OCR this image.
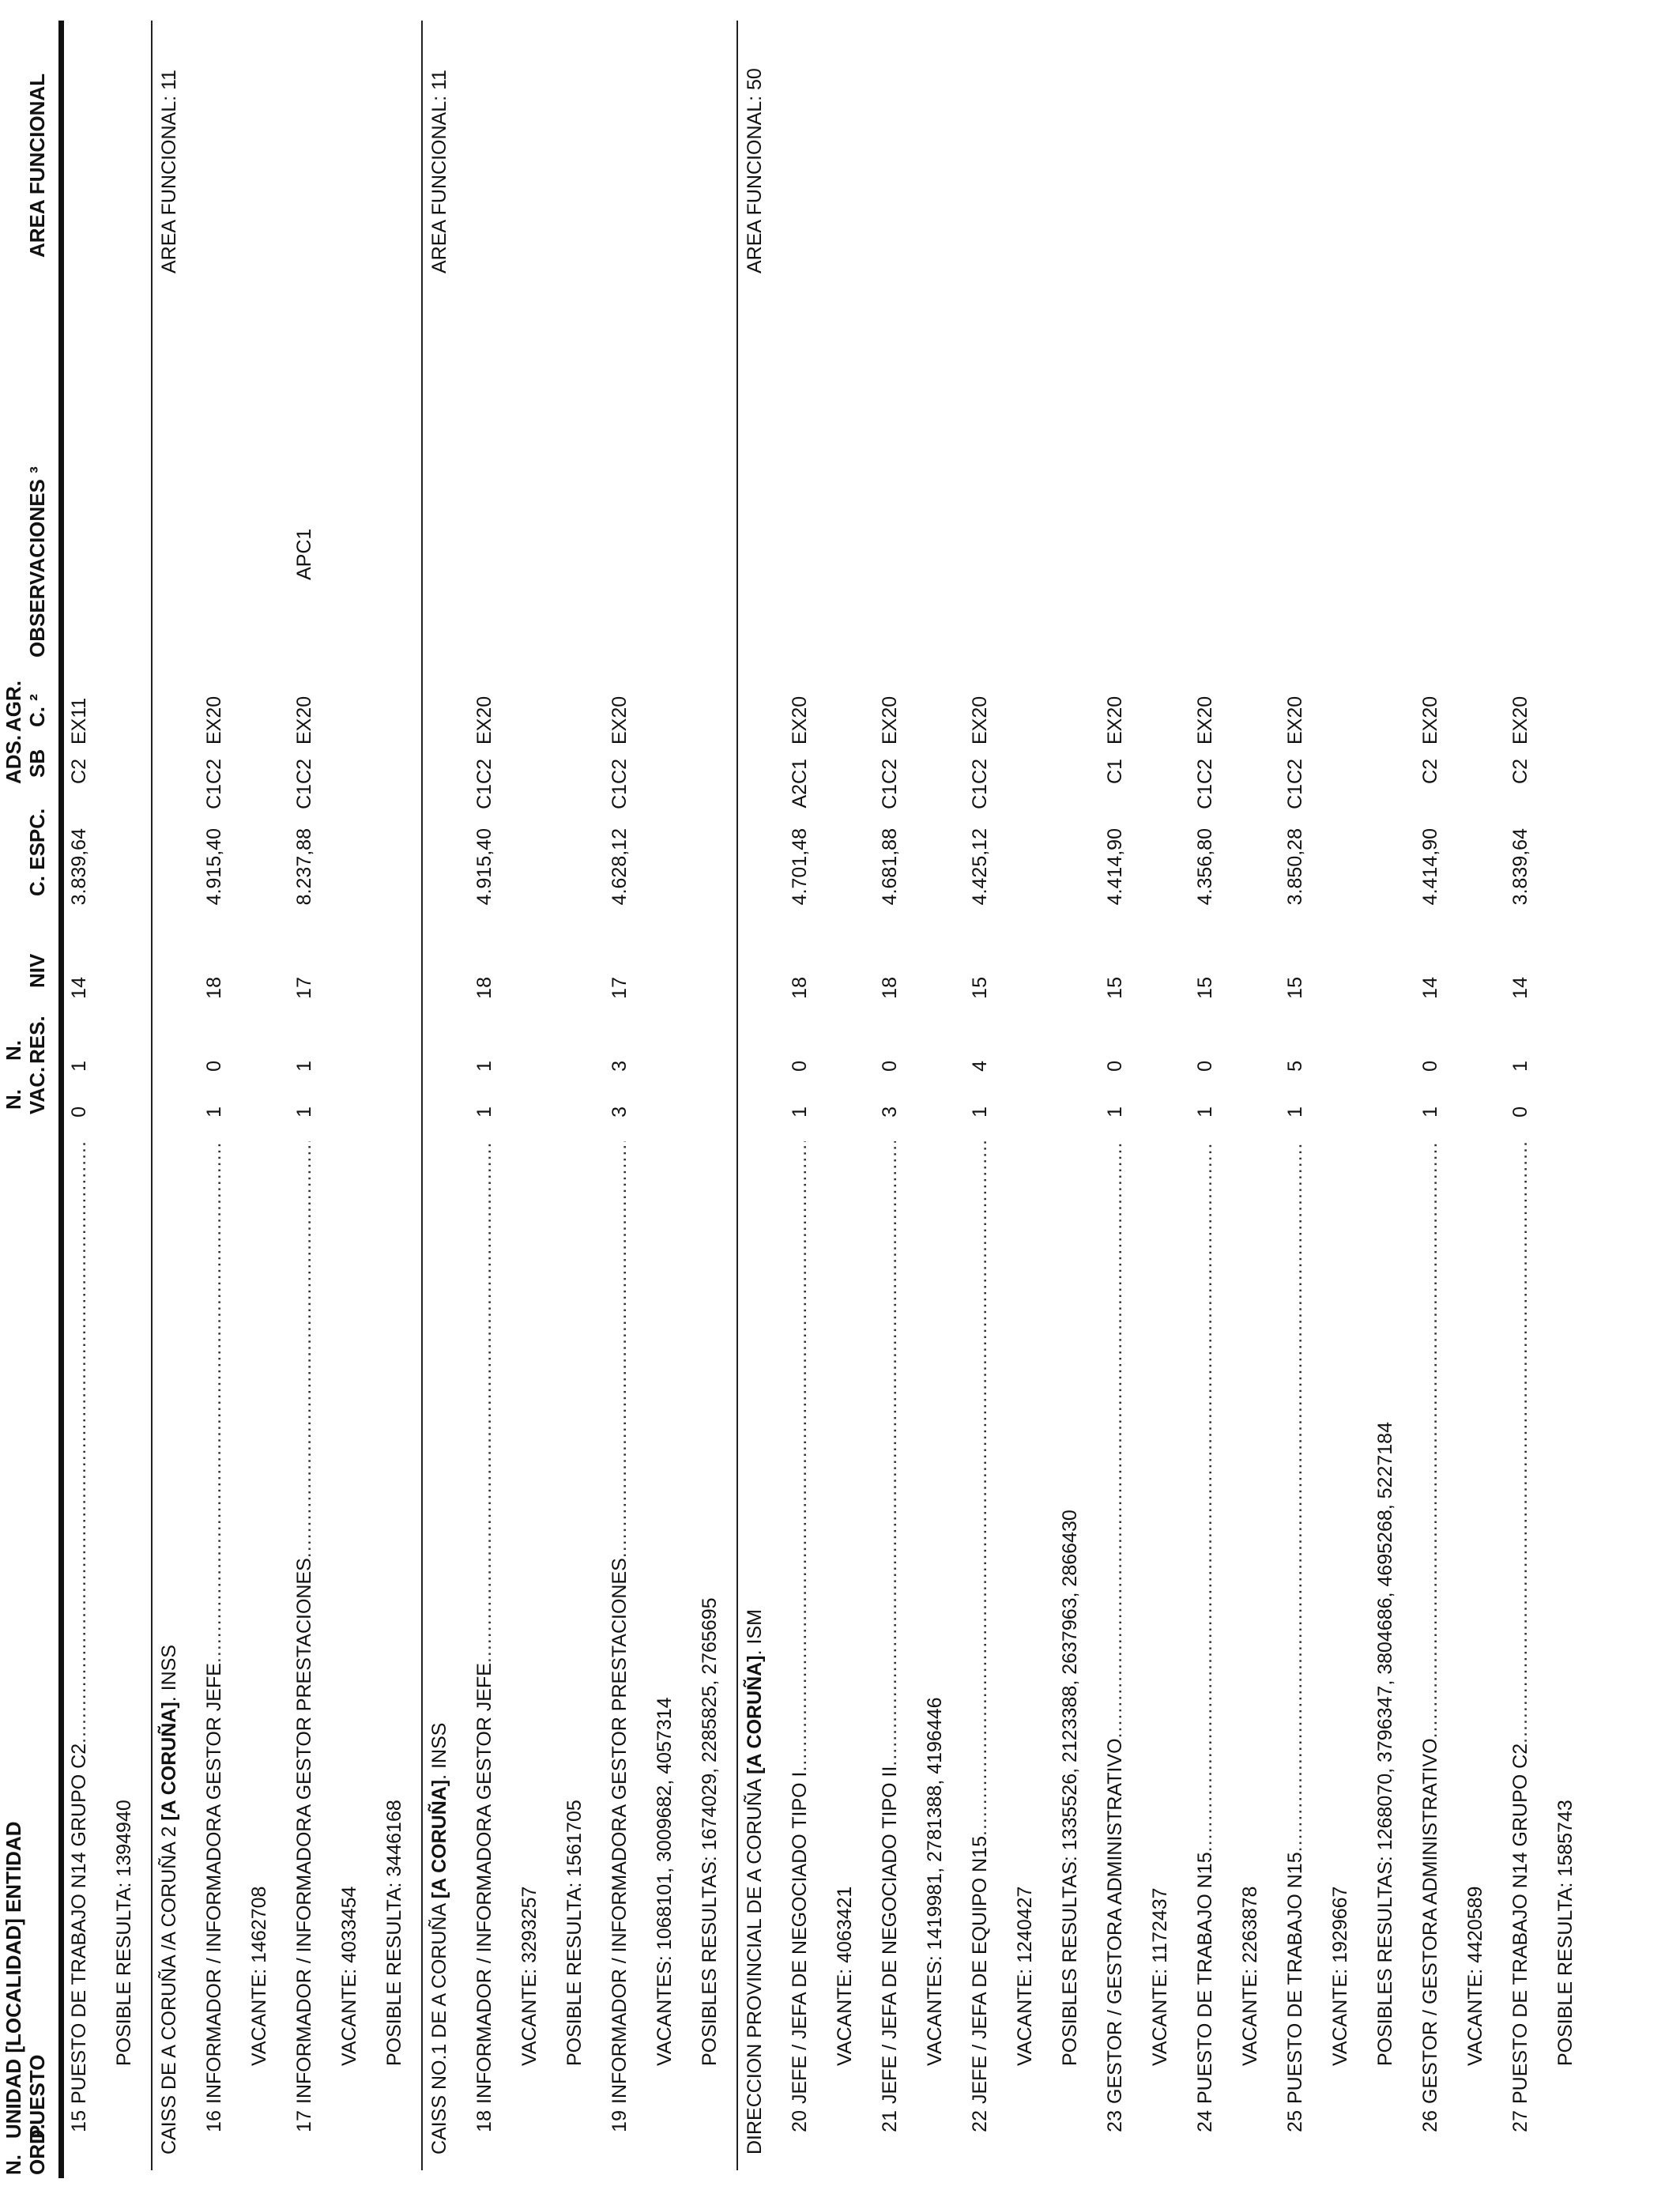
N. ORD.
UNIDAD [LOCALIDAD] ENTIDAD PUESTO
N. VAC.
N. RES.
NIV
C. ESPC.
ADS. SB
AGR. C. ²
OBSERVACIONES ³
AREA FUNCIONAL
15
PUESTO DE TRABAJO N14 GRUPO C2
.....
0
1
14
3.839,64
C2
EX11
POSIBLE RESULTA: 1394940 CAISS DE A CORUÑA /A CORUÑA 2 [A CORUÑA]. INSS
AREA FUNCIONAL: 11
16
INFORMADOR / INFORMADORA GESTOR JEFE
.....
1
0
18
4.915,40
C1C2
EX20
VACANTE: 1462708
17
INFORMADOR / INFORMADORA GESTOR PRESTACIONES
.....
1
1
17
8.237,88
C1C2
EX20
APC1
VACANTE: 4033454 POSIBLE RESULTA: 3446168 CAISS NO.1 DE A CORUÑA [A CORUÑA]. INSS
AREA FUNCIONAL: 11
18
INFORMADOR / INFORMADORA GESTOR JEFE
.....
1
1
18
4.915,40
C1C2
EX20
VACANTE: 3293257 POSIBLE RESULTA: 1561705
19
INFORMADOR / INFORMADORA GESTOR PRESTACIONES
.....
3
3
17
4.628,12
C1C2
EX20
VACANTES: 1068101, 3009682, 4057314 POSIBLES RESULTAS: 1674029, 2285825, 2765695 DIRECCION PROVINCIAL DE A CORUÑA [A CORUÑA]. ISM
AREA FUNCIONAL: 50
20
JEFE / JEFA DE NEGOCIADO TIPO I
.....
1
0
18
4.701,48
A2C1
EX20
VACANTE: 4063421
21
JEFE / JEFA DE NEGOCIADO TIPO II
.....
3
0
18
4.681,88
C1C2
EX20
VACANTES: 1419981, 2781388, 4196446
22
JEFE / JEFA DE EQUIPO N15
.....
1
4
15
4.425,12
C1C2
EX20
VACANTE: 1240427 POSIBLES RESULTAS: 1335526, 2123388, 2637963, 2866430
23
GESTOR / GESTORA ADMINISTRATIVO
.....
1
0
15
4.414,90
C1
EX20
VACANTE: 1172437
24
PUESTO DE TRABAJO N15
.....
1
0
15
4.356,80
C1C2
EX20
VACANTE: 2263878
25
PUESTO DE TRABAJO N15
.....
1
5
15
3.850,28
C1C2
EX20
VACANTE: 1929667 POSIBLES RESULTAS: 1268070, 3796347, 3804686, 4695268, 5227184
26
GESTOR / GESTORA ADMINISTRATIVO
.....
1
0
14
4.414,90
C2
EX20
VACANTE: 4420589
27
PUESTO DE TRABAJO N14 GRUPO C2
.....
0
1
14
3.839,64
C2
EX20
POSIBLE RESULTA: 1585743
